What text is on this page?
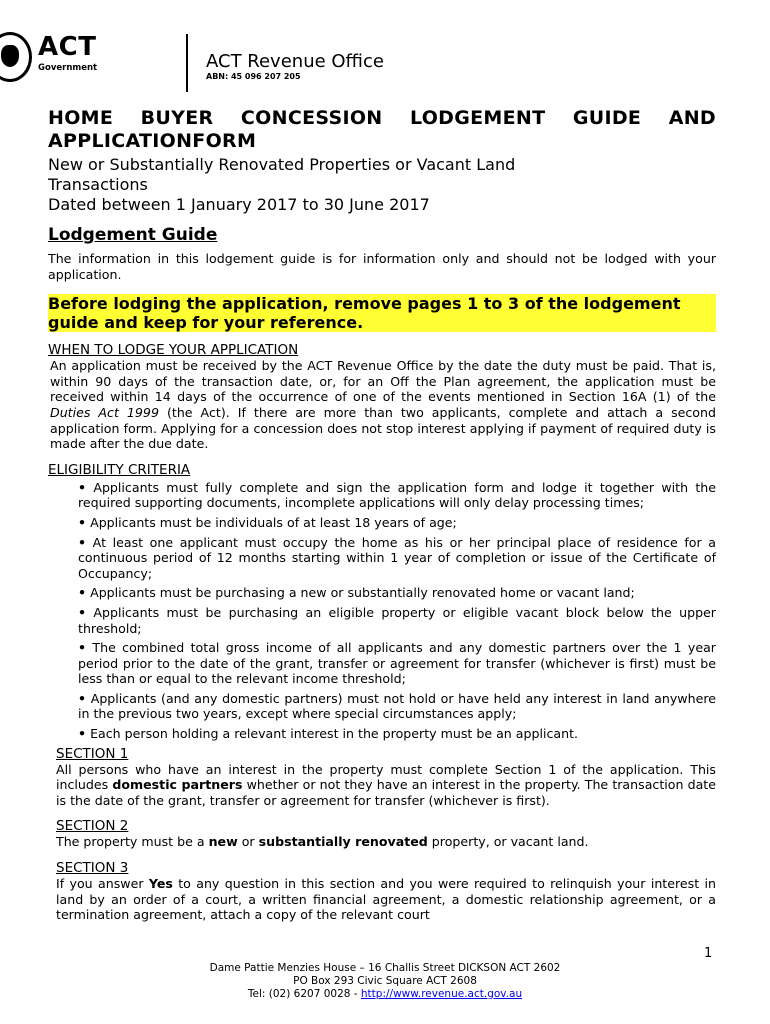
ACT
Government	ACT Revenue Office
ABN: 45 096 207 205
HOME BUYER CONCESSION LODGEMENT GUIDE AND APPLICATIONFORM
New or Substantially Renovated Properties or Vacant Land
Transactions
Dated between 1 January 2017 to 30 June 2017
Lodgement Guide

The information in this lodgement guide is for information only and should not be lodged with your application.

Before lodging the application, remove pages 1 to 3 of the lodgement guide and keep for your reference.
WHEN TO LODGE YOUR APPLICATION

An application must be received by the ACT Revenue Office by the date the duty must be paid. That is, within 90 days of the transaction date, or, for an Off the Plan agreement, the application must be received within 14 days of the occurrence of one of the events mentioned in Section 16A (1) of the Duties Act 1999 (the Act). If there are more than two applicants, complete and attach a second application form. Applying for a concession does not stop interest applying if payment of required duty is made after the due date.

ELIGIBILITY CRITERIA
• Applicants must fully complete and sign the application form and lodge it together with the required supporting documents, incomplete applications will only delay processing times;
• Applicants must be individuals of at least 18 years of age;
• At least one applicant must occupy the home as his or her principal place of residence for a continuous period of 12 months starting within 1 year of completion or issue of the Certificate of Occupancy;
• Applicants must be purchasing a new or substantially renovated home or vacant land;
• Applicants must be purchasing an eligible property or eligible vacant block below the upper threshold;
• The combined total gross income of all applicants and any domestic partners over the 1 year period prior to the date of the grant, transfer or agreement for transfer (whichever is first) must be less than or equal to the relevant income threshold;
• Applicants (and any domestic partners) must not hold or have held any interest in land anywhere in the previous two years, except where special circumstances apply;
• Each person holding a relevant interest in the property must be an applicant.
SECTION 1

All persons who have an interest in the property must complete Section 1 of the application. This includes domestic partners whether or not they have an interest in the property. The transaction date is the date of the grant, transfer or agreement for transfer (whichever is first).

SECTION 2

The property must be a new or substantially renovated property, or vacant land.

SECTION 3

If you answer Yes to any question in this section and you were required to relinquish your interest in land by an order of a court, a written financial agreement, a domestic relationship agreement, or a termination agreement, attach a copy of the relevant court

1
Dame Pattie Menzies House – 16 Challis Street DICKSON ACT 2602
PO Box 293 Civic Square ACT 2608
Tel: (02) 6207 0028 - http://www.revenue.act.gov.au
